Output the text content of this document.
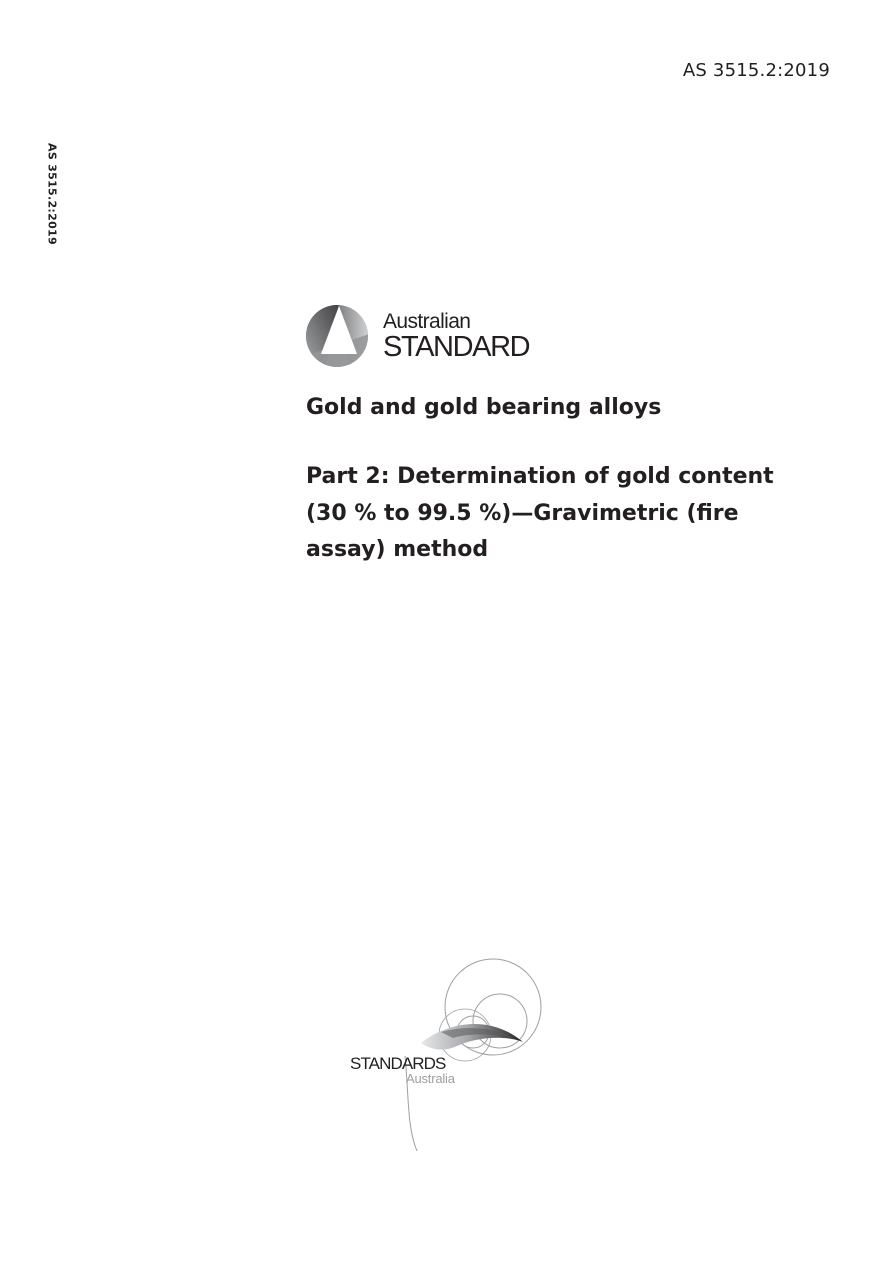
AS 3515.2:2019
AS 3515.2:2019
Australian
STANDARD
Gold and gold bearing alloys
Part 2: Determination of gold content (30 % to 99.5 %)—Gravimetric (fire assay) method
STANDARDS
Australia
